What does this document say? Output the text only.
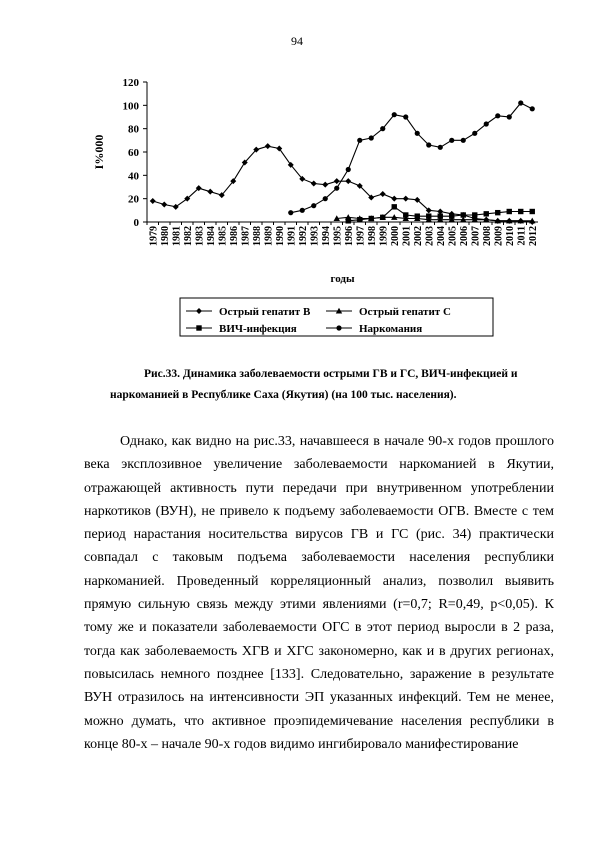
94
0
20
40
60
80
100
120
I%000
1979 1980 1981 1982 1983 1984 1985 1986 1987 1988 1989 1990 1991 1992 1993 1994 1995 1996 1997 1998 1999 2000 2001 2002 2003 2004 2005 2006 2007 2008 2009 2010 2011 2012
годы
Острый гепатит В	Острый гепатит С
ВИЧ-инфекция	Наркомания
Рис.33. Динамика заболеваемости острыми ГВ и ГС, ВИЧ-инфекцией и
наркоманией в Республике Саха (Якутия) (на 100 тыс. населения).

Однако, как видно на рис.33, начавшееся в начале 90-х годов прошлого века эксплозивное увеличение заболеваемости наркоманией в Якутии, отражающей активность пути передачи при внутривенном употреблении наркотиков (ВУН), не привело к подъему заболеваемости ОГВ. Вместе с тем период нарастания носительства вирусов ГВ и ГС (рис. 34) практически совпадал с таковым подъема заболеваемости населения республики наркоманией. Проведенный корреляционный анализ, позволил выявить прямую сильную связь между этими явлениями (r=0,7; R=0,49, p<0,05). К тому же и показатели заболеваемости ОГС в этот период выросли в 2 раза, тогда как заболеваемость ХГВ и ХГС закономерно, как и в других регионах, повысилась немного позднее [133]. Следовательно, заражение в результате ВУН отразилось на интенсивности ЭП указанных инфекций. Тем не менее, можно думать, что активное проэпидемичевание населения республики в конце 80-х – начале 90-х годов видимо ингибировало манифестирование
